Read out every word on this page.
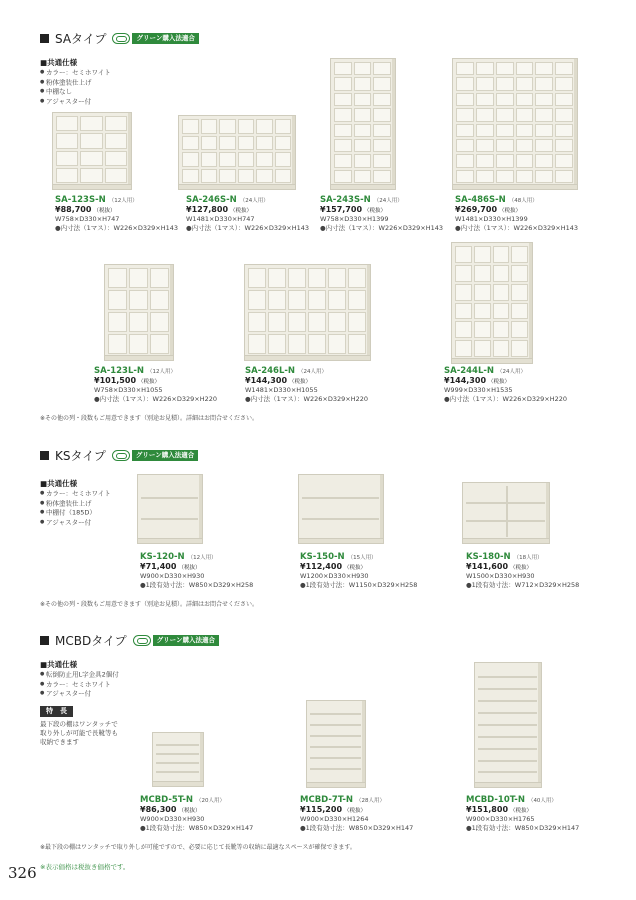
SAタイプ	グリーン購入法適合
■共通仕様
● カラー：セミホワイト
● 粉体塗装仕上げ
● 中棚なし
● アジャスター付
SA-123S-N （12人用）
¥88,700 （税抜）
W758×D330×H747
●内寸法（1マス）：W226×D329×H143
SA-246S-N （24人用）
¥127,800 （税抜）
W1481×D330×H747
●内寸法（1マス）：W226×D329×H143
SA-243S-N （24人用）
¥157,700 （税抜）
W758×D330×H1399
●内寸法（1マス）：W226×D329×H143
SA-486S-N （48人用）
¥269,700 （税抜）
W1481×D330×H1399
●内寸法（1マス）：W226×D329×H143
SA-123L-N （12人用）
¥101,500 （税抜）
W758×D330×H1055
●内寸法（1マス）：W226×D329×H220
SA-246L-N （24人用）
¥144,300 （税抜）
W1481×D330×H1055
●内寸法（1マス）：W226×D329×H220
SA-244L-N （24人用）
¥144,300 （税抜）
W999×D330×H1535
●内寸法（1マス）：W226×D329×H220
※その他の列・段数もご用意できます（別途お見積）。詳細はお問合せください。
KSタイプ	グリーン購入法適合
■共通仕様
● カラー：セミホワイト
● 粉体塗装仕上げ
● 中棚付（185D）
● アジャスター付
KS-120-N （12人用）
¥71,400 （税抜）
W900×D330×H930
●1段有効寸法：W850×D329×H258
KS-150-N （15人用）
¥112,400 （税抜）
W1200×D330×H930
●1段有効寸法：W1150×D329×H258
KS-180-N （18人用）
¥141,600 （税抜）
W1500×D330×H930
●1段有効寸法：W712×D329×H258
※その他の列・段数もご用意できます（別途お見積）。詳細はお問合せください。
MCBDタイプ	グリーン購入法適合
■共通仕様
● 転倒防止用L字金具2個付
● カラー：セミホワイト
● アジャスター付
特　長
最下段の棚はワンタッチで
取り外しが可能で長靴等も
収納できます
MCBD-5T-N （20人用）
¥86,300 （税抜）
W900×D330×H930
●1段有効寸法：W850×D329×H147
MCBD-7T-N （28人用）
¥115,200 （税抜）
W900×D330×H1264
●1段有効寸法：W850×D329×H147
MCBD-10T-N （40人用）
¥151,800 （税抜）
W900×D330×H1765
●1段有効寸法：W850×D329×H147
※最下段の棚はワンタッチで取り外しが可能ですので、必要に応じて長靴等の収納に最適なスペースが確保できます。
326 ※表示価格は税抜き価格です。
